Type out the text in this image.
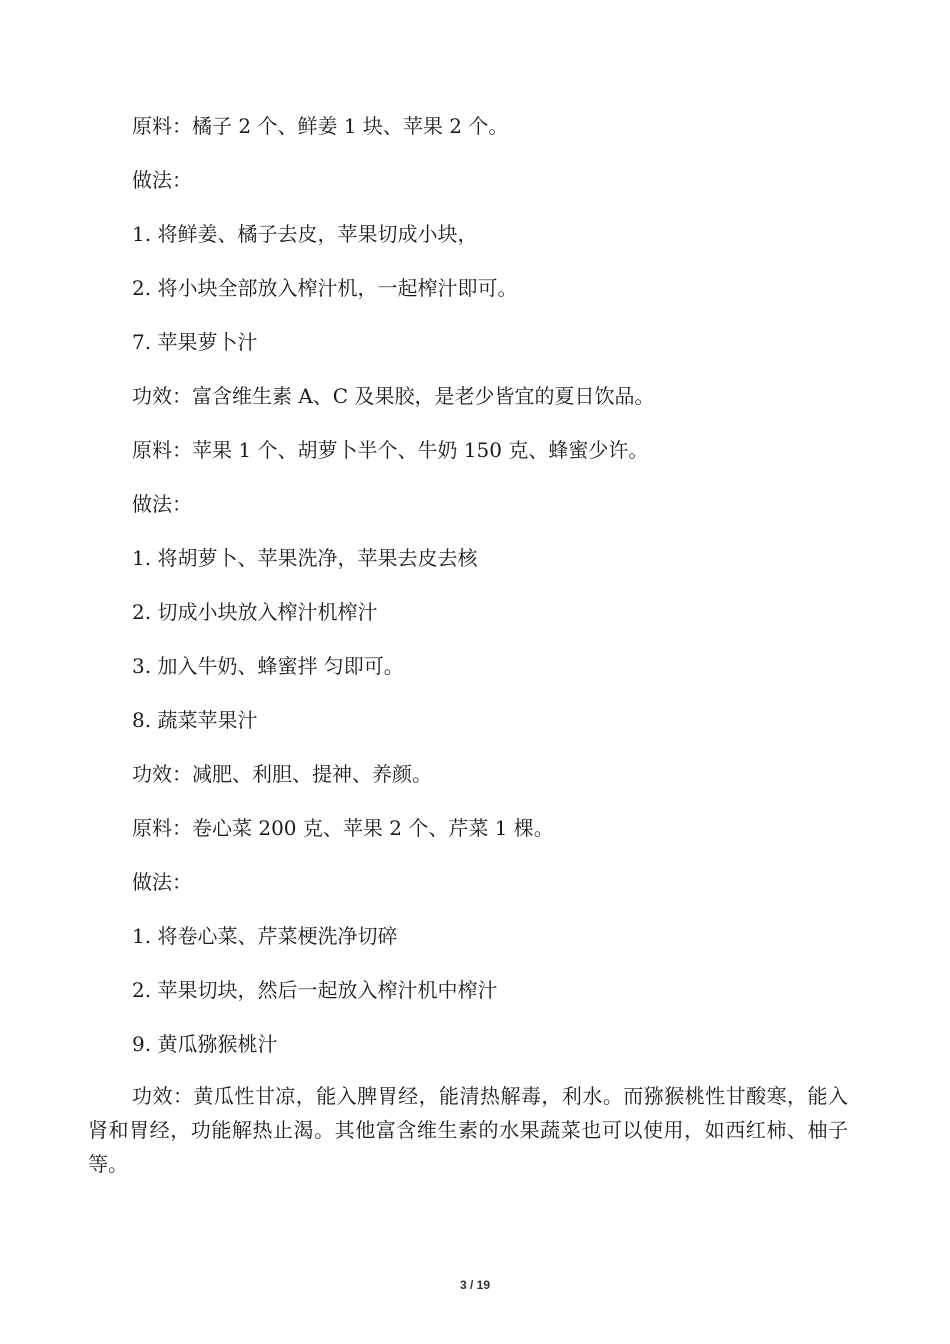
原料：橘子 2 个、鲜姜 1 块、苹果 2 个。
做法：
1. 将鲜姜、橘子去皮，苹果切成小块，
2. 将小块全部放入榨汁机，一起榨汁即可。
7. 苹果萝卜汁
功效：富含维生素 A、C 及果胶，是老少皆宜的夏日饮品。
原料：苹果 1 个、胡萝卜半个、牛奶 150 克、蜂蜜少许。
做法：
1. 将胡萝卜、苹果洗净，苹果去皮去核
2. 切成小块放入榨汁机榨汁
3. 加入牛奶、蜂蜜拌 匀即可。
8. 蔬菜苹果汁
功效：减肥、利胆、提神、养颜。
原料：卷心菜 200 克、苹果 2 个、芹菜 1 棵。
做法：
1. 将卷心菜、芹菜梗洗净切碎
2. 苹果切块，然后一起放入榨汁机中榨汁
9. 黄瓜猕猴桃汁
功效：黄瓜性甘凉，能入脾胃经，能清热解毒，利水。而猕猴桃性甘酸寒，能入肾和胃经，功能解热止渴。其他富含维生素的水果蔬菜也可以使用，如西红柿、柚子等。
3 / 19
